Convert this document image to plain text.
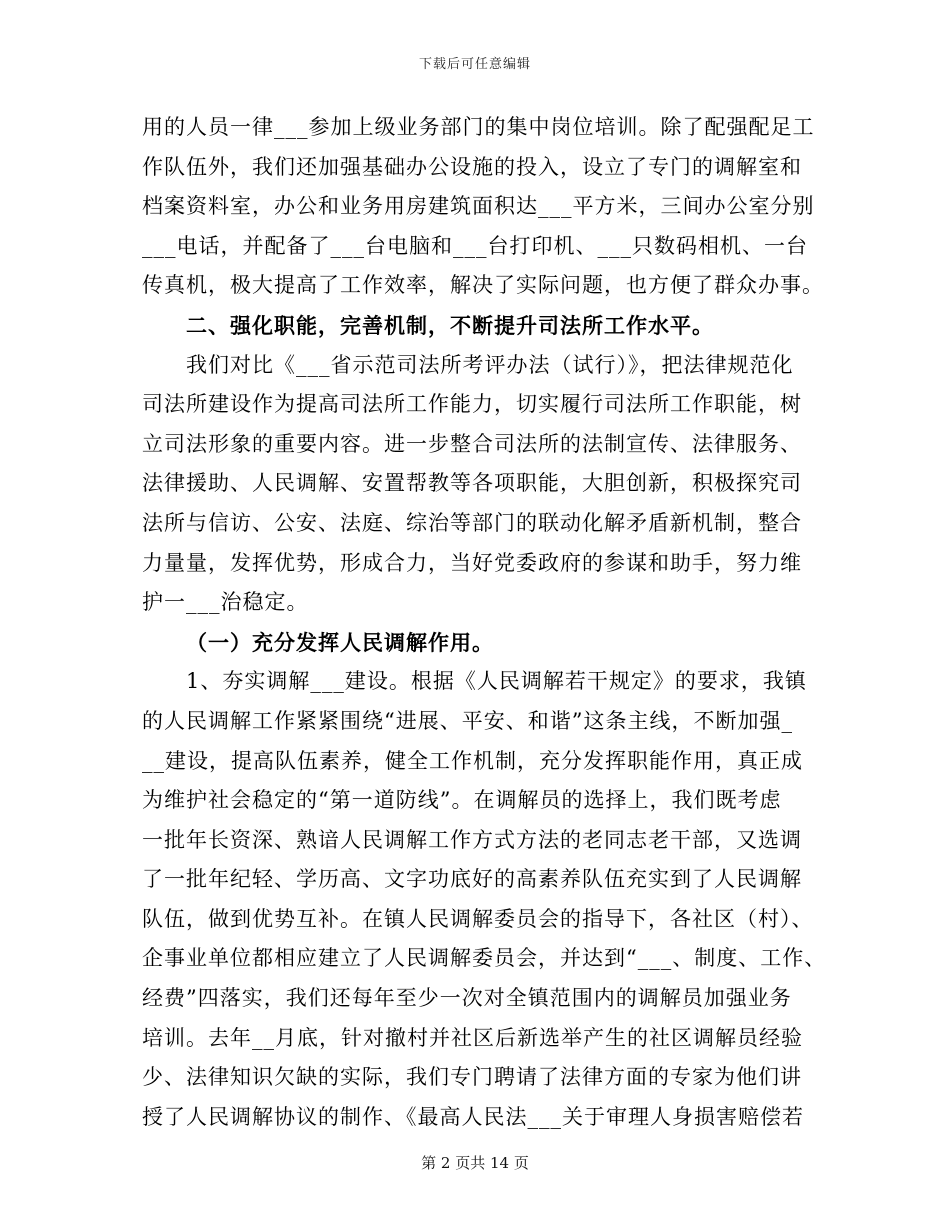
下载后可任意编辑
用的人员一律___参加上级业务部门的集中岗位培训。除了配强配足工
作队伍外，我们还加强基础办公设施的投入，设立了专门的调解室和
档案资料室，办公和业务用房建筑面积达___平方米，三间办公室分别
___电话，并配备了___台电脑和___台打印机、___只数码相机、一台
传真机，极大提高了工作效率，解决了实际问题，也方便了群众办事。
二、强化职能，完善机制，不断提升司法所工作水平。
我们对比《___省示范司法所考评办法（试行）》，把法律规范化
司法所建设作为提高司法所工作能力，切实履行司法所工作职能，树
立司法形象的重要内容。进一步整合司法所的法制宣传、法律服务、
法律援助、人民调解、安置帮教等各项职能，大胆创新，积极探究司
法所与信访、公安、法庭、综治等部门的联动化解矛盾新机制，整合
力量量，发挥优势，形成合力，当好党委政府的参谋和助手，努力维
护一___治稳定。
（一）充分发挥人民调解作用。
1、夯实调解___建设。根据《人民调解若干规定》的要求，我镇
的人民调解工作紧紧围绕“进展、平安、和谐”这条主线，不断加强_
__建设，提高队伍素养，健全工作机制，充分发挥职能作用，真正成
为维护社会稳定的“第一道防线”。在调解员的选择上，我们既考虑
一批年长资深、熟谙人民调解工作方式方法的老同志老干部，又选调
了一批年纪轻、学历高、文字功底好的高素养队伍充实到了人民调解
队伍，做到优势互补。在镇人民调解委员会的指导下，各社区（村）、
企事业单位都相应建立了人民调解委员会，并达到“___、制度、工作、
经费”四落实，我们还每年至少一次对全镇范围内的调解员加强业务
培训。去年__月底，针对撤村并社区后新选举产生的社区调解员经验
少、法律知识欠缺的实际，我们专门聘请了法律方面的专家为他们讲
授了人民调解协议的制作、《最高人民法___关于审理人身损害赔偿若
第 2 页共 14 页
